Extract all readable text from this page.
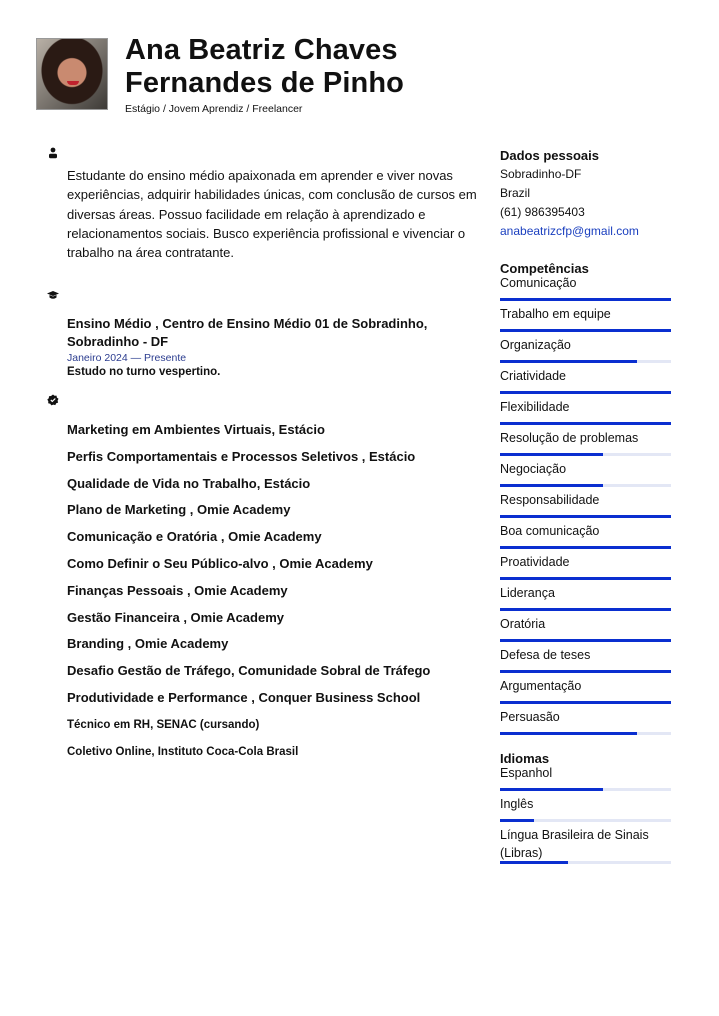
Ana Beatriz Chaves
Fernandes de Pinho
Estágio / Jovem Aprendiz / Freelancer
Estudante do ensino médio apaixonada em aprender e viver novas experiências, adquirir habilidades únicas, com conclusão de cursos em diversas áreas. Possuo facilidade em relação à aprendizado e relacionamentos sociais. Busco experiência profissional e vivenciar o trabalho na área contratante.
Ensino Médio , Centro de Ensino Médio 01 de Sobradinho, Sobradinho - DF
Janeiro 2024 — Presente
Estudo no turno vespertino.
Marketing em Ambientes Virtuais, Estácio
Perfis Comportamentais e Processos Seletivos , Estácio
Qualidade de Vida no Trabalho, Estácio
Plano de Marketing , Omie Academy
Comunicação e Oratória , Omie Academy
Como Definir o Seu Público-alvo , Omie Academy
Finanças Pessoais , Omie Academy
Gestão Financeira , Omie Academy
Branding , Omie Academy
Desafio Gestão de Tráfego, Comunidade Sobral de Tráfego
Produtividade e Performance , Conquer Business School
Técnico em RH, SENAC (cursando)
Coletivo Online, Instituto Coca-Cola Brasil
Dados pessoais
Sobradinho-DF
Brazil
(61) 986395403
anabeatrizcfp@gmail.com
Competências
Comunicação
Trabalho em equipe
Organização
Criatividade
Flexibilidade
Resolução de problemas
Negociação
Responsabilidade
Boa comunicação
Proatividade
Liderança
Oratória
Defesa de teses
Argumentação
Persuasão
Idiomas
Espanhol
Inglês
Língua Brasileira de Sinais (Libras)
